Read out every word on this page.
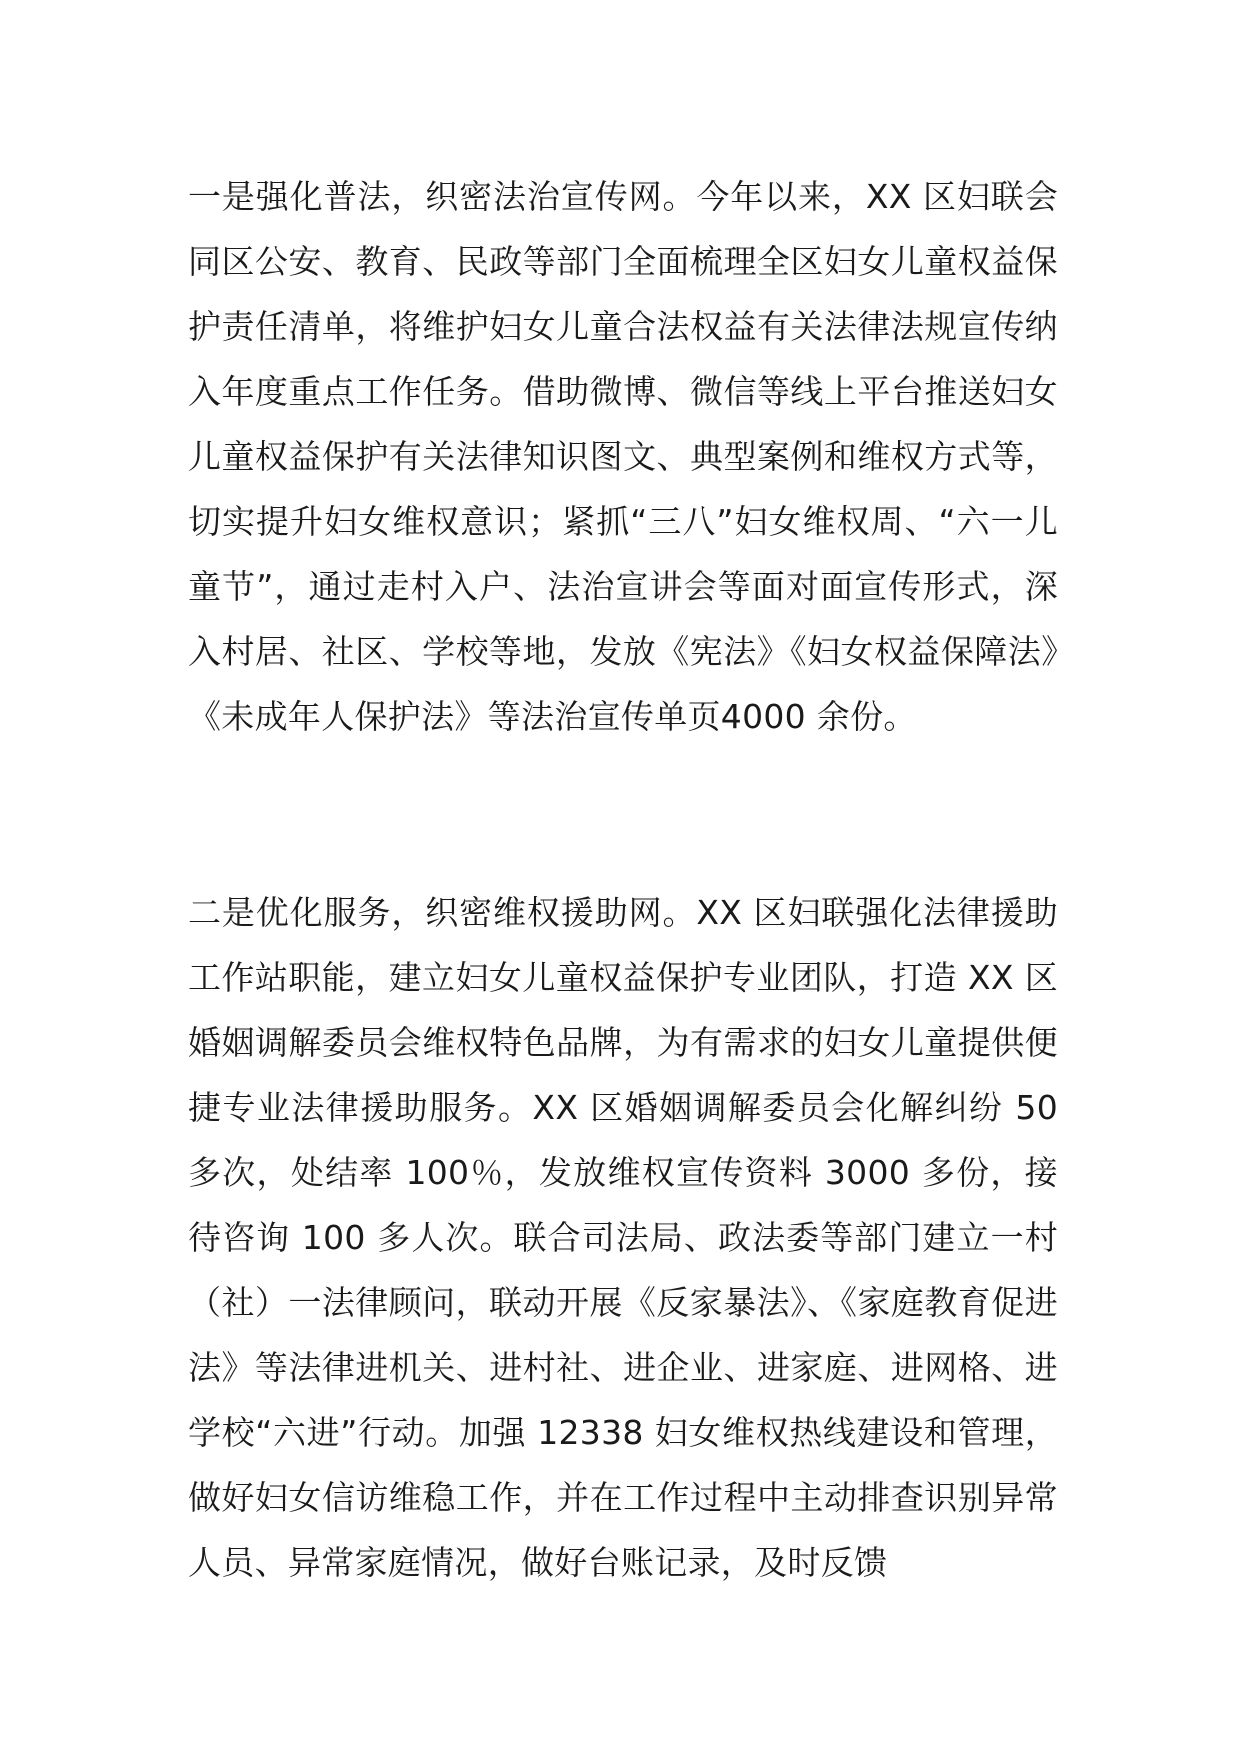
一是强化普法，织密法治宣传网。今年以来，XX 区妇联会同区公安、教育、民政等部门全面梳理全区妇女儿童权益保护责任清单，将维护妇女儿童合法权益有关法律法规宣传纳入年度重点工作任务。借助微博、微信等线上平台推送妇女儿童权益保护有关法律知识图文、典型案例和维权方式等，切实提升妇女维权意识；紧抓“三八”妇女维权周、“六一儿童节”，通过走村入户、法治宣讲会等面对面宣传形式，深入村居、社区、学校等地，发放《宪法》《妇女权益保障法》《未成年人保护法》等法治宣传单页4000 余份。

二是优化服务，织密维权援助网。XX 区妇联强化法律援助工作站职能，建立妇女儿童权益保护专业团队，打造 XX 区婚姻调解委员会维权特色品牌，为有需求的妇女儿童提供便捷专业法律援助服务。XX 区婚姻调解委员会化解纠纷 50多次，处结率 100％，发放维权宣传资料 3000 多份，接待咨询 100 多人次。联合司法局、政法委等部门建立一村（社）一法律顾问，联动开展《反家暴法》、《家庭教育促进法》等法律进机关、进村社、进企业、进家庭、进网格、进学校“六进”行动。加强 12338 妇女维权热线建设和管理，做好妇女信访维稳工作，并在工作过程中主动排查识别异常人员、异常家庭情况，做好台账记录，及时反馈
